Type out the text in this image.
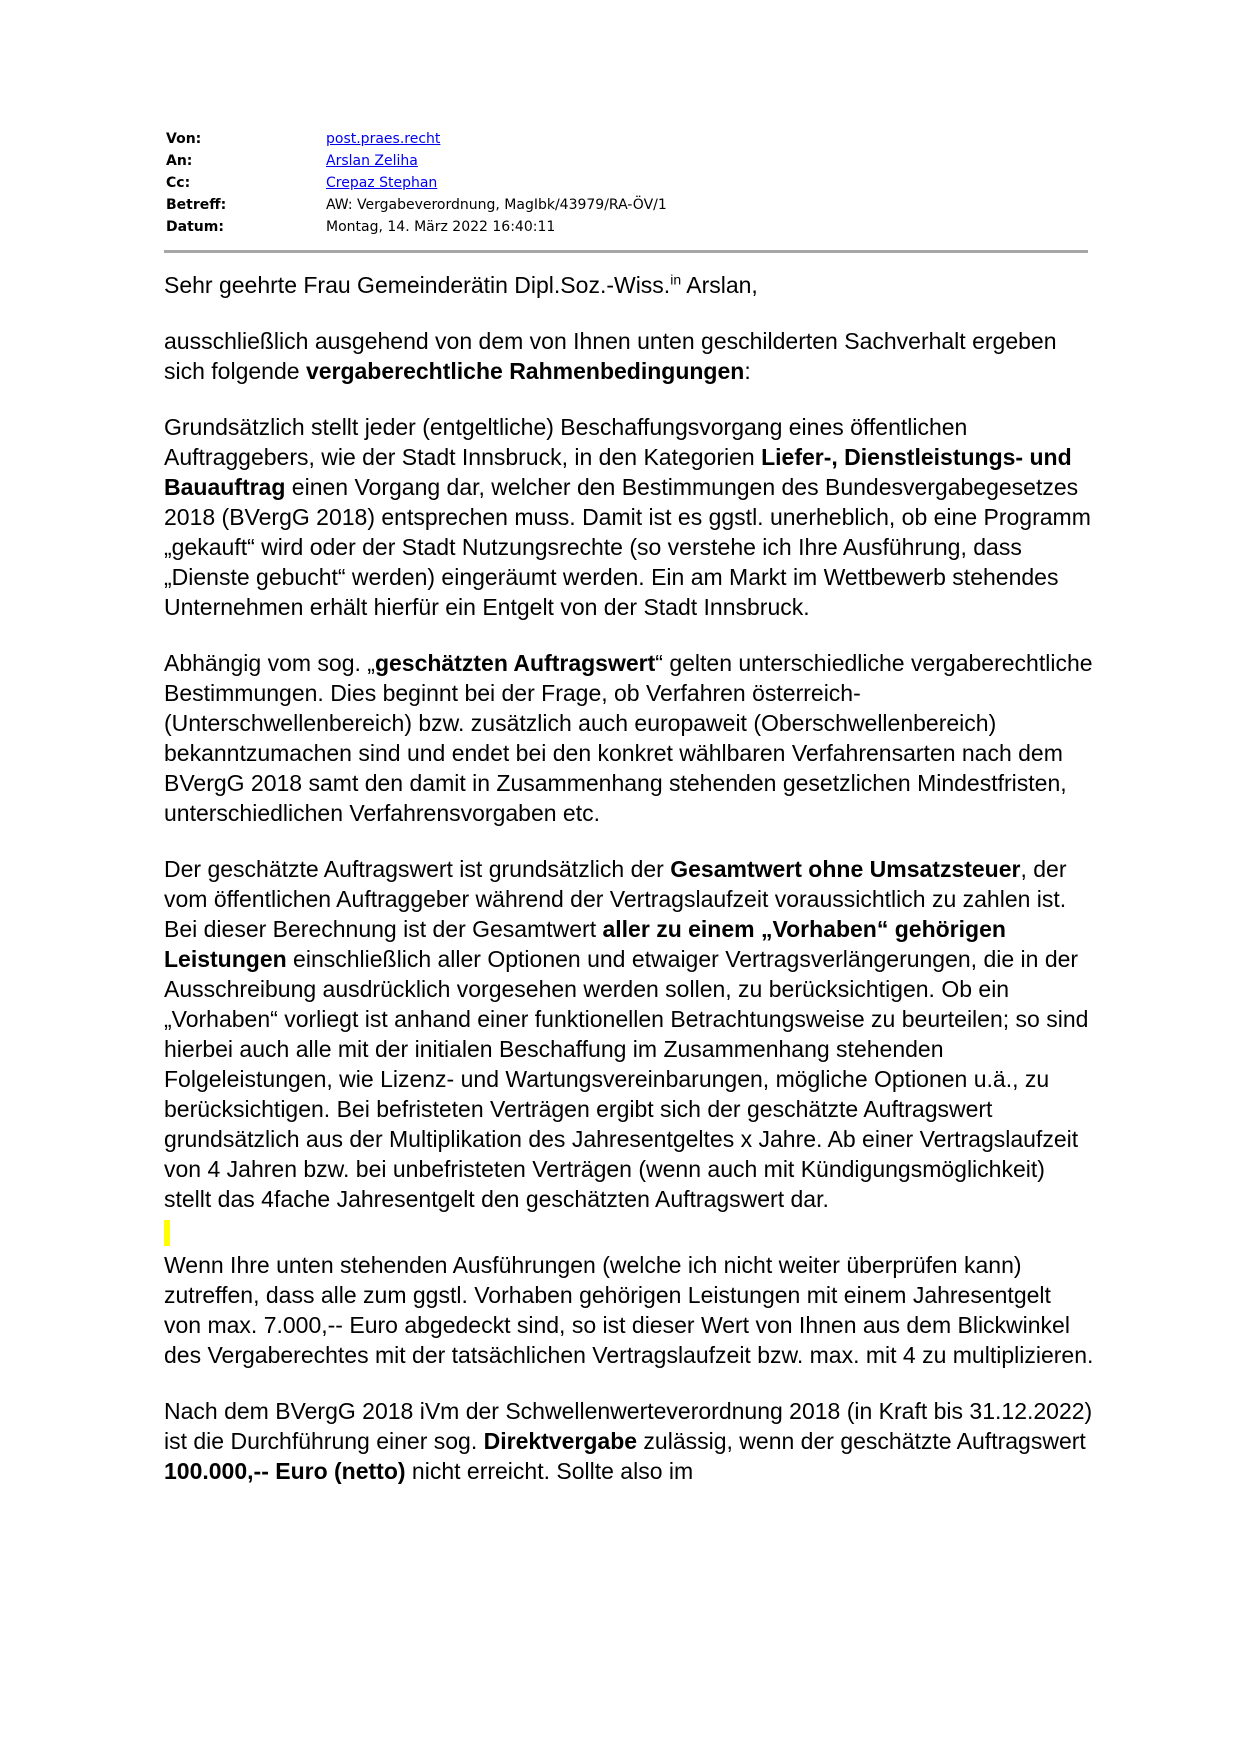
Von:	post.praes.recht
An:	Arslan Zeliha
Cc:	Crepaz Stephan
Betreff:	AW: Vergabeverordnung, MagIbk/43979/RA-ÖV/1
Datum:	Montag, 14. März 2022 16:40:11

Sehr geehrte Frau Gemeinderätin Dipl.Soz.-Wiss.$^{in}$ Arslan,

ausschließlich ausgehend von dem von Ihnen unten geschilderten Sachverhalt ergeben sich folgende vergaberechtliche Rahmenbedingungen:

Grundsätzlich stellt jeder (entgeltliche) Beschaffungsvorgang eines öffentlichen Auftraggebers, wie der Stadt Innsbruck, in den Kategorien Liefer-, Dienstleistungs- und Bauauftrag einen Vorgang dar, welcher den Bestimmungen des Bundesvergabegesetzes 2018 (BVergG 2018) entsprechen muss. Damit ist es ggstl. unerheblich, ob eine Programm „gekauft“ wird oder der Stadt Nutzungsrechte (so verstehe ich Ihre Ausführung, dass „Dienste gebucht“ werden) eingeräumt werden. Ein am Markt im Wettbewerb stehendes Unternehmen erhält hierfür ein Entgelt von der Stadt Innsbruck.

Abhängig vom sog. „geschätzten Auftragswert“ gelten unterschiedliche vergaberechtliche Bestimmungen. Dies beginnt bei der Frage, ob Verfahren österreich- (Unterschwellenbereich) bzw. zusätzlich auch europaweit (Oberschwellenbereich) bekanntzumachen sind und endet bei den konkret wählbaren Verfahrensarten nach dem BVergG 2018 samt den damit in Zusammenhang stehenden gesetzlichen Mindestfristen, unterschiedlichen Verfahrensvorgaben etc.

Der geschätzte Auftragswert ist grundsätzlich der Gesamtwert ohne Umsatzsteuer, der vom öffentlichen Auftraggeber während der Vertragslaufzeit voraussichtlich zu zahlen ist. Bei dieser Berechnung ist der Gesamtwert aller zu einem „Vorhaben“ gehörigen Leistungen einschließlich aller Optionen und etwaiger Vertragsverlängerungen, die in der Ausschreibung ausdrücklich vorgesehen werden sollen, zu berücksichtigen. Ob ein „Vorhaben“ vorliegt ist anhand einer funktionellen Betrachtungsweise zu beurteilen; so sind hierbei auch alle mit der initialen Beschaffung im Zusammenhang stehenden Folgeleistungen, wie Lizenz- und Wartungsvereinbarungen, mögliche Optionen u.ä., zu berücksichtigen. Bei befristeten Verträgen ergibt sich der geschätzte Auftragswert grundsätzlich aus der Multiplikation des Jahresentgeltes x Jahre. Ab einer Vertragslaufzeit von 4 Jahren bzw. bei unbefristeten Verträgen (wenn auch mit Kündigungsmöglichkeit) stellt das 4fache Jahresentgelt den geschätzten Auftragswert dar.

Wenn Ihre unten stehenden Ausführungen (welche ich nicht weiter überprüfen kann) zutreffen, dass alle zum ggstl. Vorhaben gehörigen Leistungen mit einem Jahresentgelt von max. 7.000,-- Euro abgedeckt sind, so ist dieser Wert von Ihnen aus dem Blickwinkel des Vergaberechtes mit der tatsächlichen Vertragslaufzeit bzw. max. mit 4 zu multiplizieren.

Nach dem BVergG 2018 iVm der Schwellenwerteverordnung 2018 (in Kraft bis 31.12.2022) ist die Durchführung einer sog. Direktvergabe zulässig, wenn der geschätzte Auftragswert 100.000,-- Euro (netto) nicht erreicht. Sollte also im
